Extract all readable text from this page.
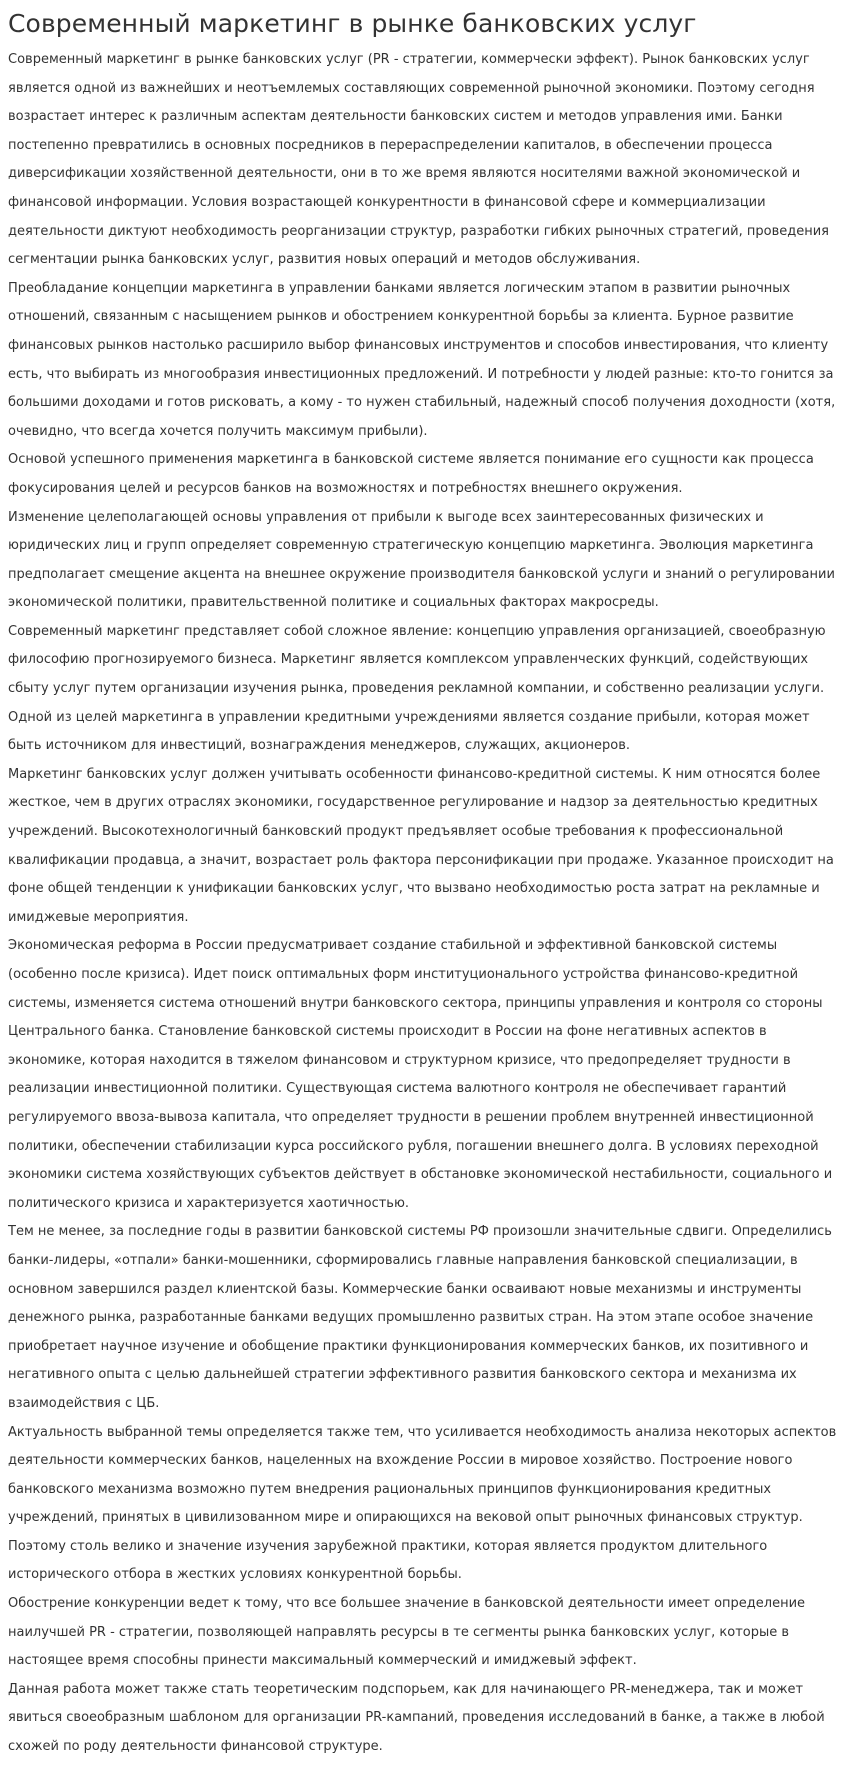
Современный маркетинг в рынке банковских услуг

Современный маркетинг в рынке банковских услуг (PR - стратегии, коммерчески эффект). Рынок банковских услуг является одной из важнейших и неотъемлемых составляющих современной рыночной экономики. Поэтому сегодня возрастает интерес к различным аспектам деятельности банковских систем и методов управления ими. Банки постепенно превратились в основных посредников в перераспределении капиталов, в обеспечении процесса диверсификации хозяйственной деятельности, они в то же время являются носителями важной экономической и финансовой информации. Условия возрастающей конкурентности в финансовой сфере и коммерциализации деятельности диктуют необходимость реорганизации структур, разработки гибких рыночных стратегий, проведения сегментации рынка банковских услуг, развития новых операций и методов обслуживания.

Преобладание концепции маркетинга в управлении банками является логическим этапом в развитии рыночных отношений, связанным с насыщением рынков и обострением конкурентной борьбы за клиента. Бурное развитие финансовых рынков настолько расширило выбор финансовых инструментов и способов инвестирования, что клиенту есть, что выбирать из многообразия инвестиционных предложений. И потребности у людей разные: кто-то гонится за большими доходами и готов рисковать, а кому - то нужен стабильный, надежный способ получения доходности (хотя, очевидно, что всегда хочется получить максимум прибыли).

Основой успешного применения маркетинга в банковской системе является понимание его сущности как процесса фокусирования целей и ресурсов банков на возможностях и потребностях внешнего окружения.

Изменение целеполагающей основы управления от прибыли к выгоде всех заинтересованных физических и юридических лиц и групп определяет современную стратегическую концепцию маркетинга. Эволюция маркетинга предполагает смещение акцента на внешнее окружение производителя банковской услуги и знаний о регулировании экономической политики, правительственной политике и социальных факторах макросреды.

Современный маркетинг представляет собой сложное явление: концепцию управления организацией, своеобразную философию прогнозируемого бизнеса. Маркетинг является комплексом управленческих функций, содействующих сбыту услуг путем организации изучения рынка, проведения рекламной компании, и собственно реализации услуги. Одной из целей маркетинга в управлении кредитными учреждениями является создание прибыли, которая может быть источником для инвестиций, вознаграждения менеджеров, служащих, акционеров.

Маркетинг банковских услуг должен учитывать особенности финансово-кредитной системы. К ним относятся более жесткое, чем в других отраслях экономики, государственное регулирование и надзор за деятельностью кредитных учреждений. Высокотехнологичный банковский продукт предъявляет особые требования к профессиональной квалификации продавца, а значит, возрастает роль фактора персонификации при продаже. Указанное происходит на фоне общей тенденции к унификации банковских услуг, что вызвано необходимостью роста затрат на рекламные и имиджевые мероприятия.

Экономическая реформа в России предусматривает создание стабильной и эффективной банковской системы (особенно после кризиса). Идет поиск оптимальных форм институционального устройства финансово-кредитной системы, изменяется система отношений внутри банковского сектора, принципы управления и контроля со стороны Центрального банка. Становление банковской системы происходит в России на фоне негативных аспектов в экономике, которая находится в тяжелом финансовом и структурном кризисе, что предопределяет трудности в реализации инвестиционной политики. Существующая система валютного контроля не обеспечивает гарантий регулируемого ввоза-вывоза капитала, что определяет трудности в решении проблем внутренней инвестиционной политики, обеспечении стабилизации курса российского рубля, погашении внешнего долга. В условиях переходной экономики система хозяйствующих субъектов действует в обстановке экономической нестабильности, социального и политического кризиса и характеризуется хаотичностью.

Тем не менее, за последние годы в развитии банковской системы РФ произошли значительные сдвиги. Определились банки-лидеры, «отпали» банки-мошенники, сформировались главные направления банковской специализации, в основном завершился раздел клиентской базы. Коммерческие банки осваивают новые механизмы и инструменты денежного рынка, разработанные банками ведущих промышленно развитых стран. На этом этапе особое значение приобретает научное изучение и обобщение практики функционирования коммерческих банков, их позитивного и негативного опыта с целью дальнейшей стратегии эффективного развития банковского сектора и механизма их взаимодействия с ЦБ.

Актуальность выбранной темы определяется также тем, что усиливается необходимость анализа некоторых аспектов деятельности коммерческих банков, нацеленных на вхождение России в мировое хозяйство. Построение нового банковского механизма возможно путем внедрения рациональных принципов функционирования кредитных учреждений, принятых в цивилизованном мире и опирающихся на вековой опыт рыночных финансовых структур. Поэтому столь велико и значение изучения зарубежной практики, которая является продуктом длительного исторического отбора в жестких условиях конкурентной борьбы.

Обострение конкуренции ведет к тому, что все большее значение в банковской деятельности имеет определение наилучшей PR - стратегии, позволяющей направлять ресурсы в те сегменты рынка банковских услуг, которые в настоящее время способны принести максимальный коммерческий и имиджевый эффект.

Данная работа может также стать теоретическим подспорьем, как для начинающего PR-менеджера, так и может явиться своеобразным шаблоном для организации PR-кампаний, проведения исследований в банке, а также в любой схожей по роду деятельности финансовой структуре.
